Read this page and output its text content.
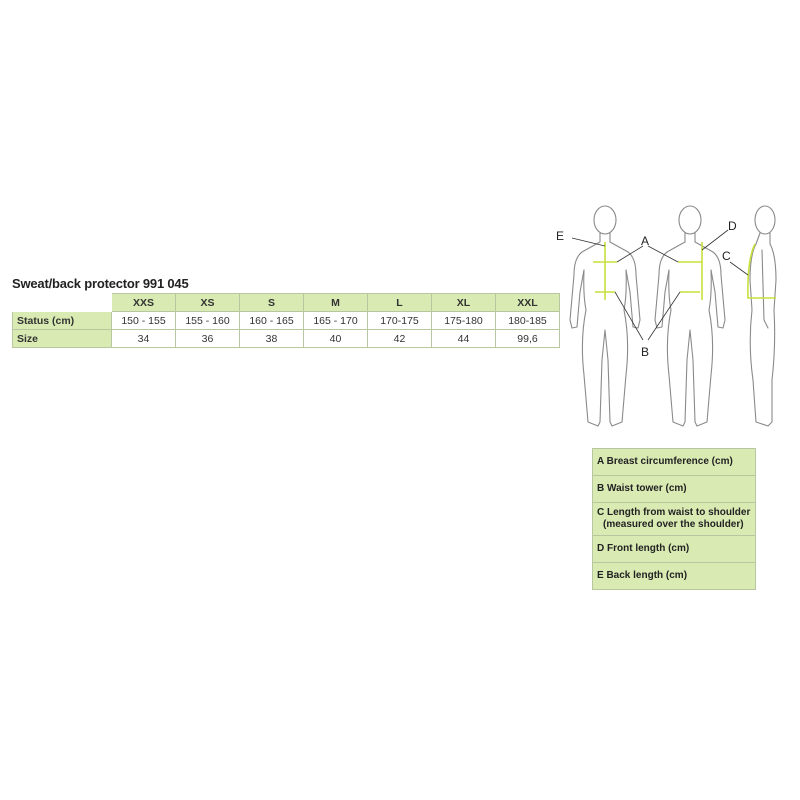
Sweat/back protector 991 045
	XXS	XS	S	M	L	XL	XXL
Status (cm)	150 - 155	155 - 160	160 - 165	165 - 170	170-175	175-180	180-185
Size	34	36	38	40	42	44	99,6
E	A
B
D
C
A Breast circumference (cm)
B Waist tower (cm)

C Length from waist to shoulder
(measured over the shoulder)

D Front length (cm)
E Back length (cm)
